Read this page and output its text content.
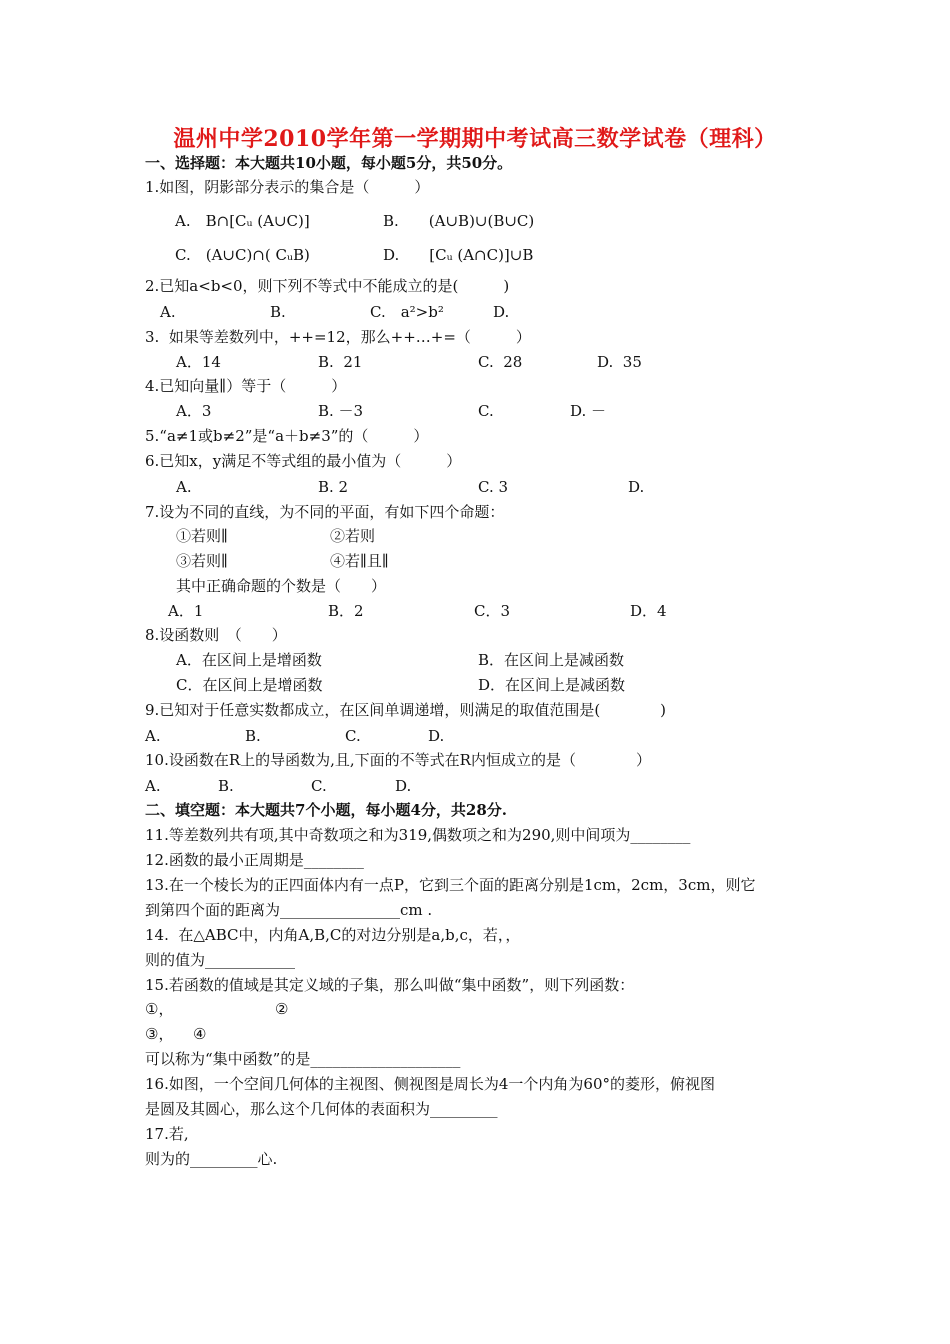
温州中学2010学年第一学期期中考试高三数学试卷（理科）
一、选择题：本大题共10小题，每小题5分，共50分。
1.如图，阴影部分表示的集合是（　　　）
A.　B∩[Cᵤ (A∪C)]	B.　　(A∪B)∪(B∪C)
C.　(A∪C)∩( CᵤB)	D.　　[Cᵤ (A∩C)]∪B
2.已知a<b<0，则下列不等式中不能成立的是(　　　)
A.	B.	C.　a²>b²	D.
3.  如果等差数列中，++=12，那么++…+=（　　　）
A．14	B.  21	C.  28	D.  35
4.已知向量∥）等于（　　　）
A．3	B. －3	C.	D. －
5.“a≠1或b≠2”是“a＋b≠3”的（　　　）
6.已知x，y满足不等式组的最小值为（　　　）
A.	B. 2	C. 3	D.
7.设为不同的直线，为不同的平面，有如下四个命题：
①若则∥	②若则
③若则∥	④若∥且∥
其中正确命题的个数是（　　）
A．1	B．2	C．3	D．4
8.设函数则　（　　）
A．在区间上是增函数	B．在区间上是减函数
C．在区间上是增函数	D．在区间上是减函数
9.已知对于任意实数都成立，在区间单调递增，则满足的取值范围是(　　　　)
A.	B.	C.	D.
10.设函数在R上的导函数为,且,下面的不等式在R内恒成立的是（　　　　）
A.	B.	C.	D.
二、填空题：本大题共7个小题，每小题4分，共28分.
11.等差数列共有项,其中奇数项之和为319,偶数项之和为290,则中间项为________
12.函数的最小正周期是________
13.在一个棱长为的正四面体内有一点P，它到三个面的距离分别是1cm，2cm，3cm，则它
到第四个面的距离为________________cm .
14.  在△ABC中，内角A,B,C的对边分别是a,b,c，若，，
则的值为____________
15.若函数的值域是其定义域的子集，那么叫做“集中函数”，则下列函数：
①，	②
③， ④
可以称为“集中函数”的是____________________
16.如图，一个空间几何体的主视图、侧视图是周长为4一个内角为60°的菱形，俯视图
是圆及其圆心，那么这个几何体的表面积为_________
17.若,
则为的_________心.
